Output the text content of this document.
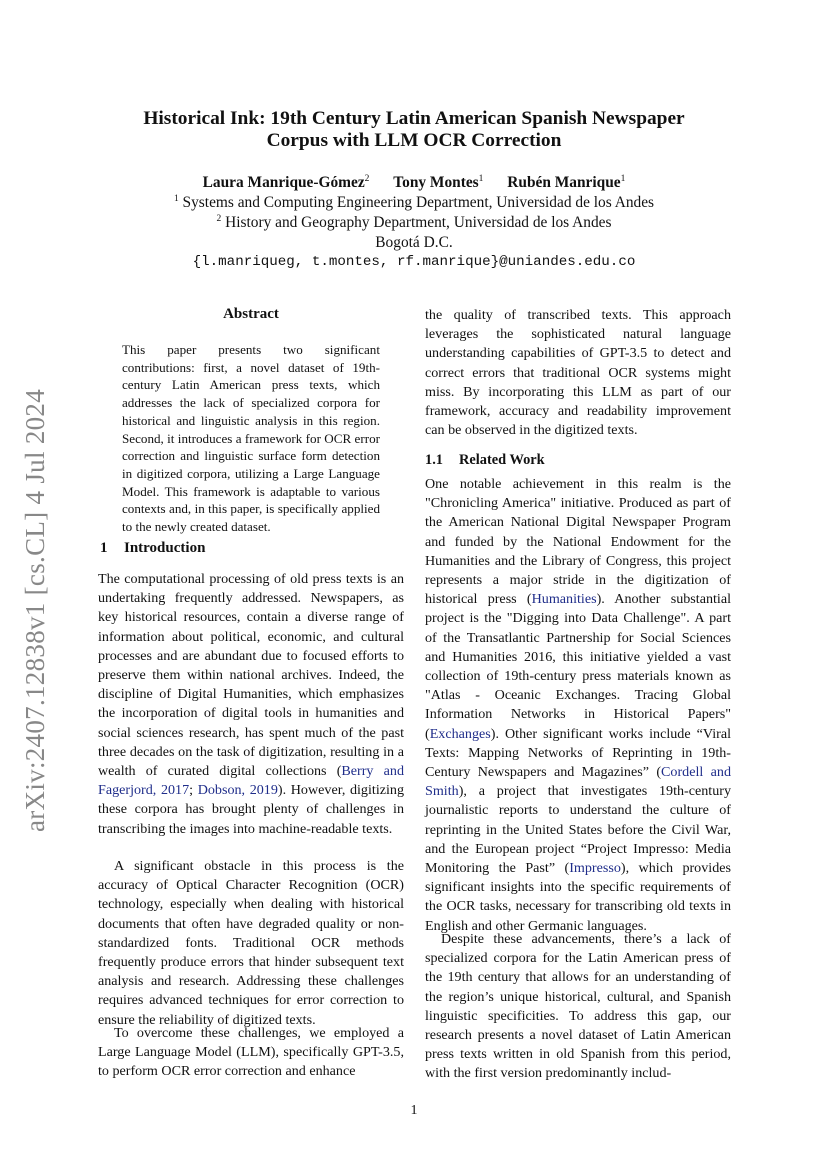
arXiv:2407.12838v1 [cs.CL] 4 Jul 2024
Historical Ink: 19th Century Latin American Spanish Newspaper
Corpus with LLM OCR Correction
Laura Manrique-Gómez$^2$ Tony Montes$^1$ Rubén Manrique$^1$
$^1$ Systems and Computing Engineering Department, Universidad de los Andes
$^2$ History and Geography Department, Universidad de los Andes
Bogotá D.C.
{l.manriqueg, t.montes, rf.manrique}@uniandes.edu.co
Abstract
This paper presents two significant contributions: first, a novel dataset of 19th-century Latin American press texts, which addresses the lack of specialized corpora for historical and linguistic analysis in this region. Second, it introduces a framework for OCR error correction and linguistic surface form detection in digitized corpora, utilizing a Large Language Model. This framework is adaptable to various contexts and, in this paper, is specifically applied to the newly created dataset.
1 Introduction
The computational processing of old press texts is an undertaking frequently addressed. Newspapers, as key historical resources, contain a diverse range of information about political, economic, and cultural processes and are abundant due to focused efforts to preserve them within national archives. Indeed, the discipline of Digital Humanities, which emphasizes the incorporation of digital tools in humanities and social sciences research, has spent much of the past three decades on the task of digitization, resulting in a wealth of curated digital collections (Berry and Fagerjord, 2017; Dobson, 2019). However, digitizing these corpora has brought plenty of challenges in transcribing the images into machine-readable texts.
A significant obstacle in this process is the accuracy of Optical Character Recognition (OCR) technology, especially when dealing with historical documents that often have degraded quality or non-standardized fonts. Traditional OCR methods frequently produce errors that hinder subsequent text analysis and research. Addressing these challenges requires advanced techniques for error correction to ensure the reliability of digitized texts.
To overcome these challenges, we employed a Large Language Model (LLM), specifically GPT-3.5, to perform OCR error correction and enhance
the quality of transcribed texts. This approach leverages the sophisticated natural language understanding capabilities of GPT-3.5 to detect and correct errors that traditional OCR systems might miss. By incorporating this LLM as part of our framework, accuracy and readability improvement can be observed in the digitized texts.
1.1 Related Work
One notable achievement in this realm is the "Chronicling America" initiative. Produced as part of the American National Digital Newspaper Program and funded by the National Endowment for the Humanities and the Library of Congress, this project represents a major stride in the digitization of historical press (Humanities). Another substantial project is the "Digging into Data Challenge". A part of the Transatlantic Partnership for Social Sciences and Humanities 2016, this initiative yielded a vast collection of 19th-century press materials known as "Atlas - Oceanic Exchanges. Tracing Global Information Networks in Historical Papers" (Exchanges). Other significant works include “Viral Texts: Mapping Networks of Reprinting in 19th-Century Newspapers and Magazines” (Cordell and Smith), a project that investigates 19th-century journalistic reports to understand the culture of reprinting in the United States before the Civil War, and the European project “Project Impresso: Media Monitoring the Past” (Impresso), which provides significant insights into the specific requirements of the OCR tasks, necessary for transcribing old texts in English and other Germanic languages.
Despite these advancements, there’s a lack of specialized corpora for the Latin American press of the 19th century that allows for an understanding of the region’s unique historical, cultural, and Spanish linguistic specificities. To address this gap, our research presents a novel dataset of Latin American press texts written in old Spanish from this period, with the first version predominantly includ-
1
